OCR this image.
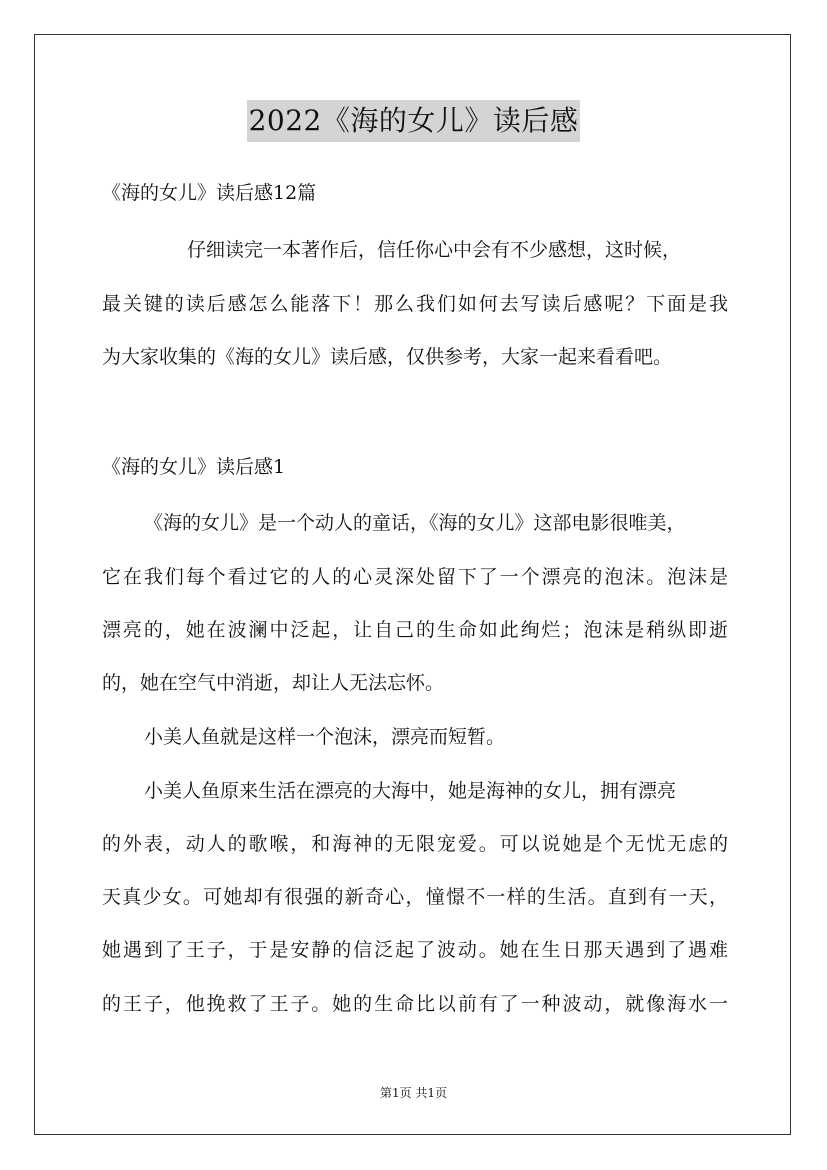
2022《海的女儿》读后感
《海的女儿》读后感12篇
仔细读完一本著作后，信任你心中会有不少感想，这时候，
最关键的读后感怎么能落下！那么我们如何去写读后感呢？下面是我
为大家收集的《海的女儿》读后感，仅供参考，大家一起来看看吧。
《海的女儿》读后感1
《海的女儿》是一个动人的童话，《海的女儿》这部电影很唯美，
它在我们每个看过它的人的心灵深处留下了一个漂亮的泡沫。泡沫是
漂亮的，她在波澜中泛起，让自己的生命如此绚烂；泡沫是稍纵即逝
的，她在空气中消逝，却让人无法忘怀。
小美人鱼就是这样一个泡沫，漂亮而短暂。
小美人鱼原来生活在漂亮的大海中，她是海神的女儿，拥有漂亮
的外表，动人的歌喉，和海神的无限宠爱。可以说她是个无忧无虑的
天真少女。可她却有很强的新奇心，憧憬不一样的生活。直到有一天，
她遇到了王子，于是安静的信泛起了波动。她在生日那天遇到了遇难
的王子，他挽救了王子。她的生命比以前有了一种波动，就像海水一
第1页 共1页
